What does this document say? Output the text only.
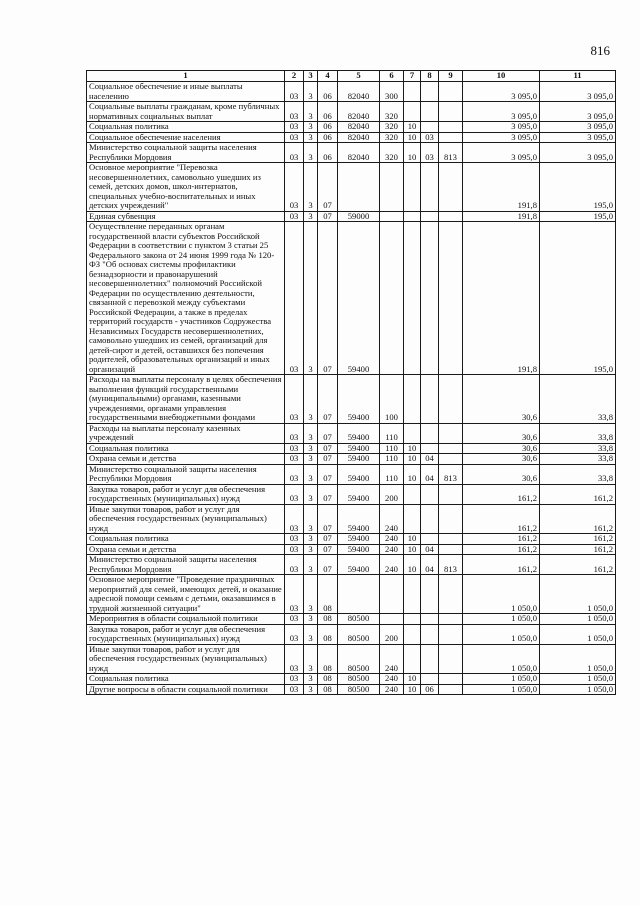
816
1	2	3	4	5	6	7	8	9	10	11
Социальное обеспечение и иные выплаты населению	03	3	06	82040	300				3 095,0	3 095,0
Социальные выплаты гражданам, кроме публичных нормативных социальных выплат	03	3	06	82040	320				3 095,0	3 095,0
Социальная политика	03	3	06	82040	320	10			3 095,0	3 095,0
Социальное обеспечение населения	03	3	06	82040	320	10	03		3 095,0	3 095,0
Министерство социальной защиты населения Республики Мордовия	03	3	06	82040	320	10	03	813	3 095,0	3 095,0
Основное мероприятие "Перевозка несовершеннолетних, самовольно ушедших из семей, детских домов, школ-интернатов, специальных учебно-воспитательных и иных детских учреждений"	03	3	07						191,8	195,0
Единая субвенция	03	3	07	59000					191,8	195,0
Осуществление переданных органам государственной власти субъектов Российской Федерации в соответствии с пунктом 3 статьи 25 Федерального закона от 24 июня 1999 года № 120-ФЗ "Об основах системы профилактики безнадзорности и правонарушений несовершеннолетних" полномочий Российской Федерации по осуществлению деятельности, связанной с перевозкой между субъектами Российской Федерации, а также в пределах территорий государств - участников Содружества Независимых Государств несовершеннолетних, самовольно ушедших из семей, организаций для детей-сирот и детей, оставшихся без попечения родителей, образовательных организаций и иных организаций	03	3	07	59400					191,8	195,0
Расходы на выплаты персоналу в целях обеспечения выполнения функций государственными (муниципальными) органами, казенными учреждениями, органами управления государственными внебюджетными фондами	03	3	07	59400	100				30,6	33,8
Расходы на выплаты персоналу казенных учреждений	03	3	07	59400	110				30,6	33,8
Социальная политика	03	3	07	59400	110	10			30,6	33,8
Охрана семьи и детства	03	3	07	59400	110	10	04		30,6	33,8
Министерство социальной защиты населения Республики Мордовия	03	3	07	59400	110	10	04	813	30,6	33,8
Закупка товаров, работ и услуг для обеспечения государственных (муниципальных) нужд	03	3	07	59400	200				161,2	161,2
Иные закупки товаров, работ и услуг для обеспечения государственных (муниципальных) нужд	03	3	07	59400	240				161,2	161,2
Социальная политика	03	3	07	59400	240	10			161,2	161,2
Охрана семьи и детства	03	3	07	59400	240	10	04		161,2	161,2
Министерство социальной защиты населения Республики Мордовия	03	3	07	59400	240	10	04	813	161,2	161,2
Основное мероприятие "Проведение праздничных мероприятий для семей, имеющих детей, и оказание адресной помощи семьям с детьми, оказавшимся в трудной жизненной ситуации"	03	3	08						1 050,0	1 050,0
Мероприятия в области социальной политики	03	3	08	80500					1 050,0	1 050,0
Закупка товаров, работ и услуг для обеспечения государственных (муниципальных) нужд	03	3	08	80500	200				1 050,0	1 050,0
Иные закупки товаров, работ и услуг для обеспечения государственных (муниципальных) нужд	03	3	08	80500	240				1 050,0	1 050,0
Социальная политика	03	3	08	80500	240	10			1 050,0	1 050,0
Другие вопросы в области социальной политики	03	3	08	80500	240	10	06		1 050,0	1 050,0
